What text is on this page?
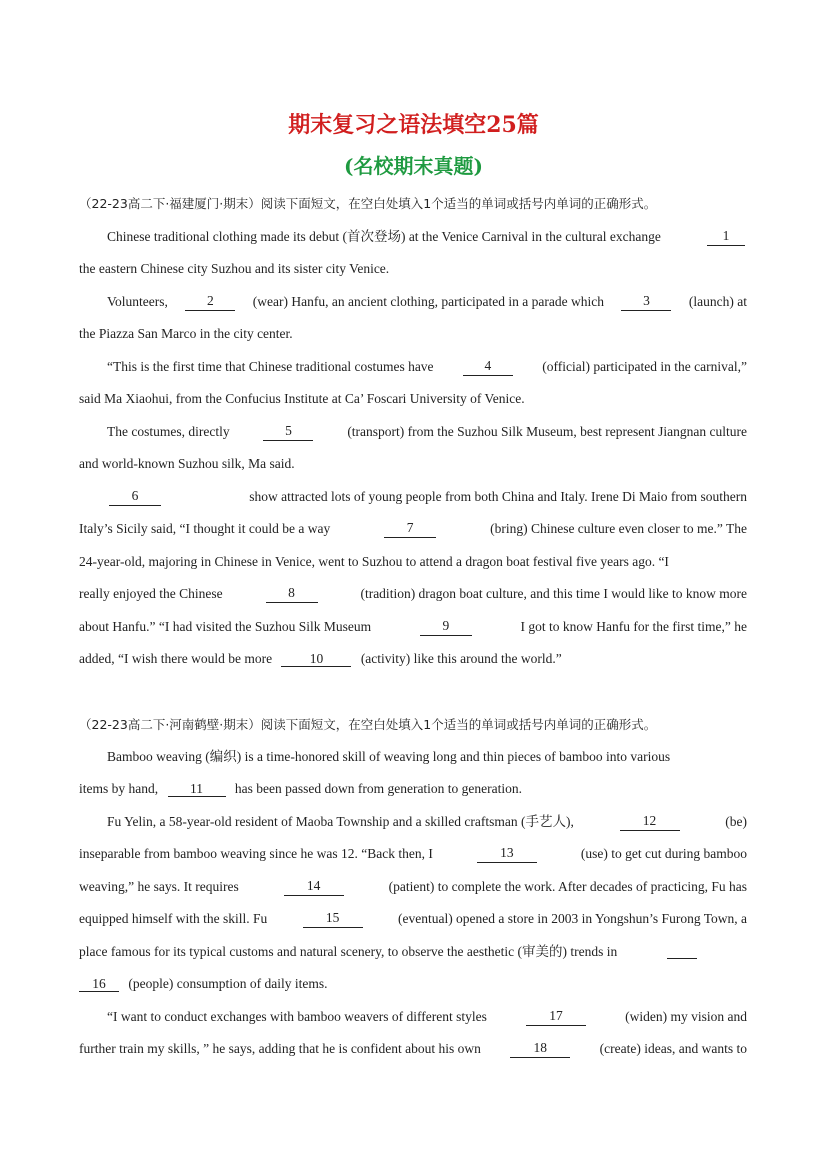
期末复习之语法填空25篇
(名校期末真题)
（22-23高二下·福建厦门·期末）阅读下面短文，在空白处填入1个适当的单词或括号内单词的正确形式。
Chinese traditional clothing made its debut (首次登场) at the Venice Carnival in the cultural exchange	1
the eastern Chinese city Suzhou and its sister city Venice.
Volunteers,	2	(wear) Hanfu, an ancient clothing, participated in a parade which	3	(launch) at
the Piazza San Marco in the city center.
“This is the first time that Chinese traditional costumes have	4	(official) participated in the carnival,”
said Ma Xiaohui, from the Confucius Institute at Ca’ Foscari University of Venice.
The costumes, directly	5	(transport) from the Suzhou Silk Museum, best represent Jiangnan culture
and world-known Suzhou silk, Ma said.
6	show attracted lots of young people from both China and Italy. Irene Di Maio from southern
Italy’s Sicily said, “I thought it could be a way	7	(bring) Chinese culture even closer to me.” The
24-year-old, majoring in Chinese in Venice, went to Suzhou to attend a dragon boat festival five years ago. “I
really enjoyed the Chinese	8	(tradition) dragon boat culture, and this time I would like to know more
about Hanfu.” “I had visited the Suzhou Silk Museum	9	I got to know Hanfu for the first time,” he
added, “I wish there would be more	10	(activity) like this around the world.”
（22-23高二下·河南鹤壁·期末）阅读下面短文，在空白处填入1个适当的单词或括号内单词的正确形式。
Bamboo weaving (编织) is a time-honored skill of weaving long and thin pieces of bamboo into various
items by hand, 11 has been passed down from generation to generation.
Fu Yelin, a 58-year-old resident of Maoba Township and a skilled craftsman (手艺人),	12	(be)
inseparable from bamboo weaving since he was 12. “Back then, I	13	(use) to get cut during bamboo
weaving,” he says. It requires	14	(patient) to complete the work. After decades of practicing, Fu has
equipped himself with the skill. Fu	15	(eventual) opened a store in 2003 in Yongshun’s Furong Town, a
place famous for its typical customs and natural scenery, to observe the aesthetic (审美的) trends in
16 (people) consumption of daily items.
“I want to conduct exchanges with bamboo weavers of different styles	17	(widen) my vision and
further train my skills, ” he says, adding that he is confident about his own	18	(create) ideas, and wants to
